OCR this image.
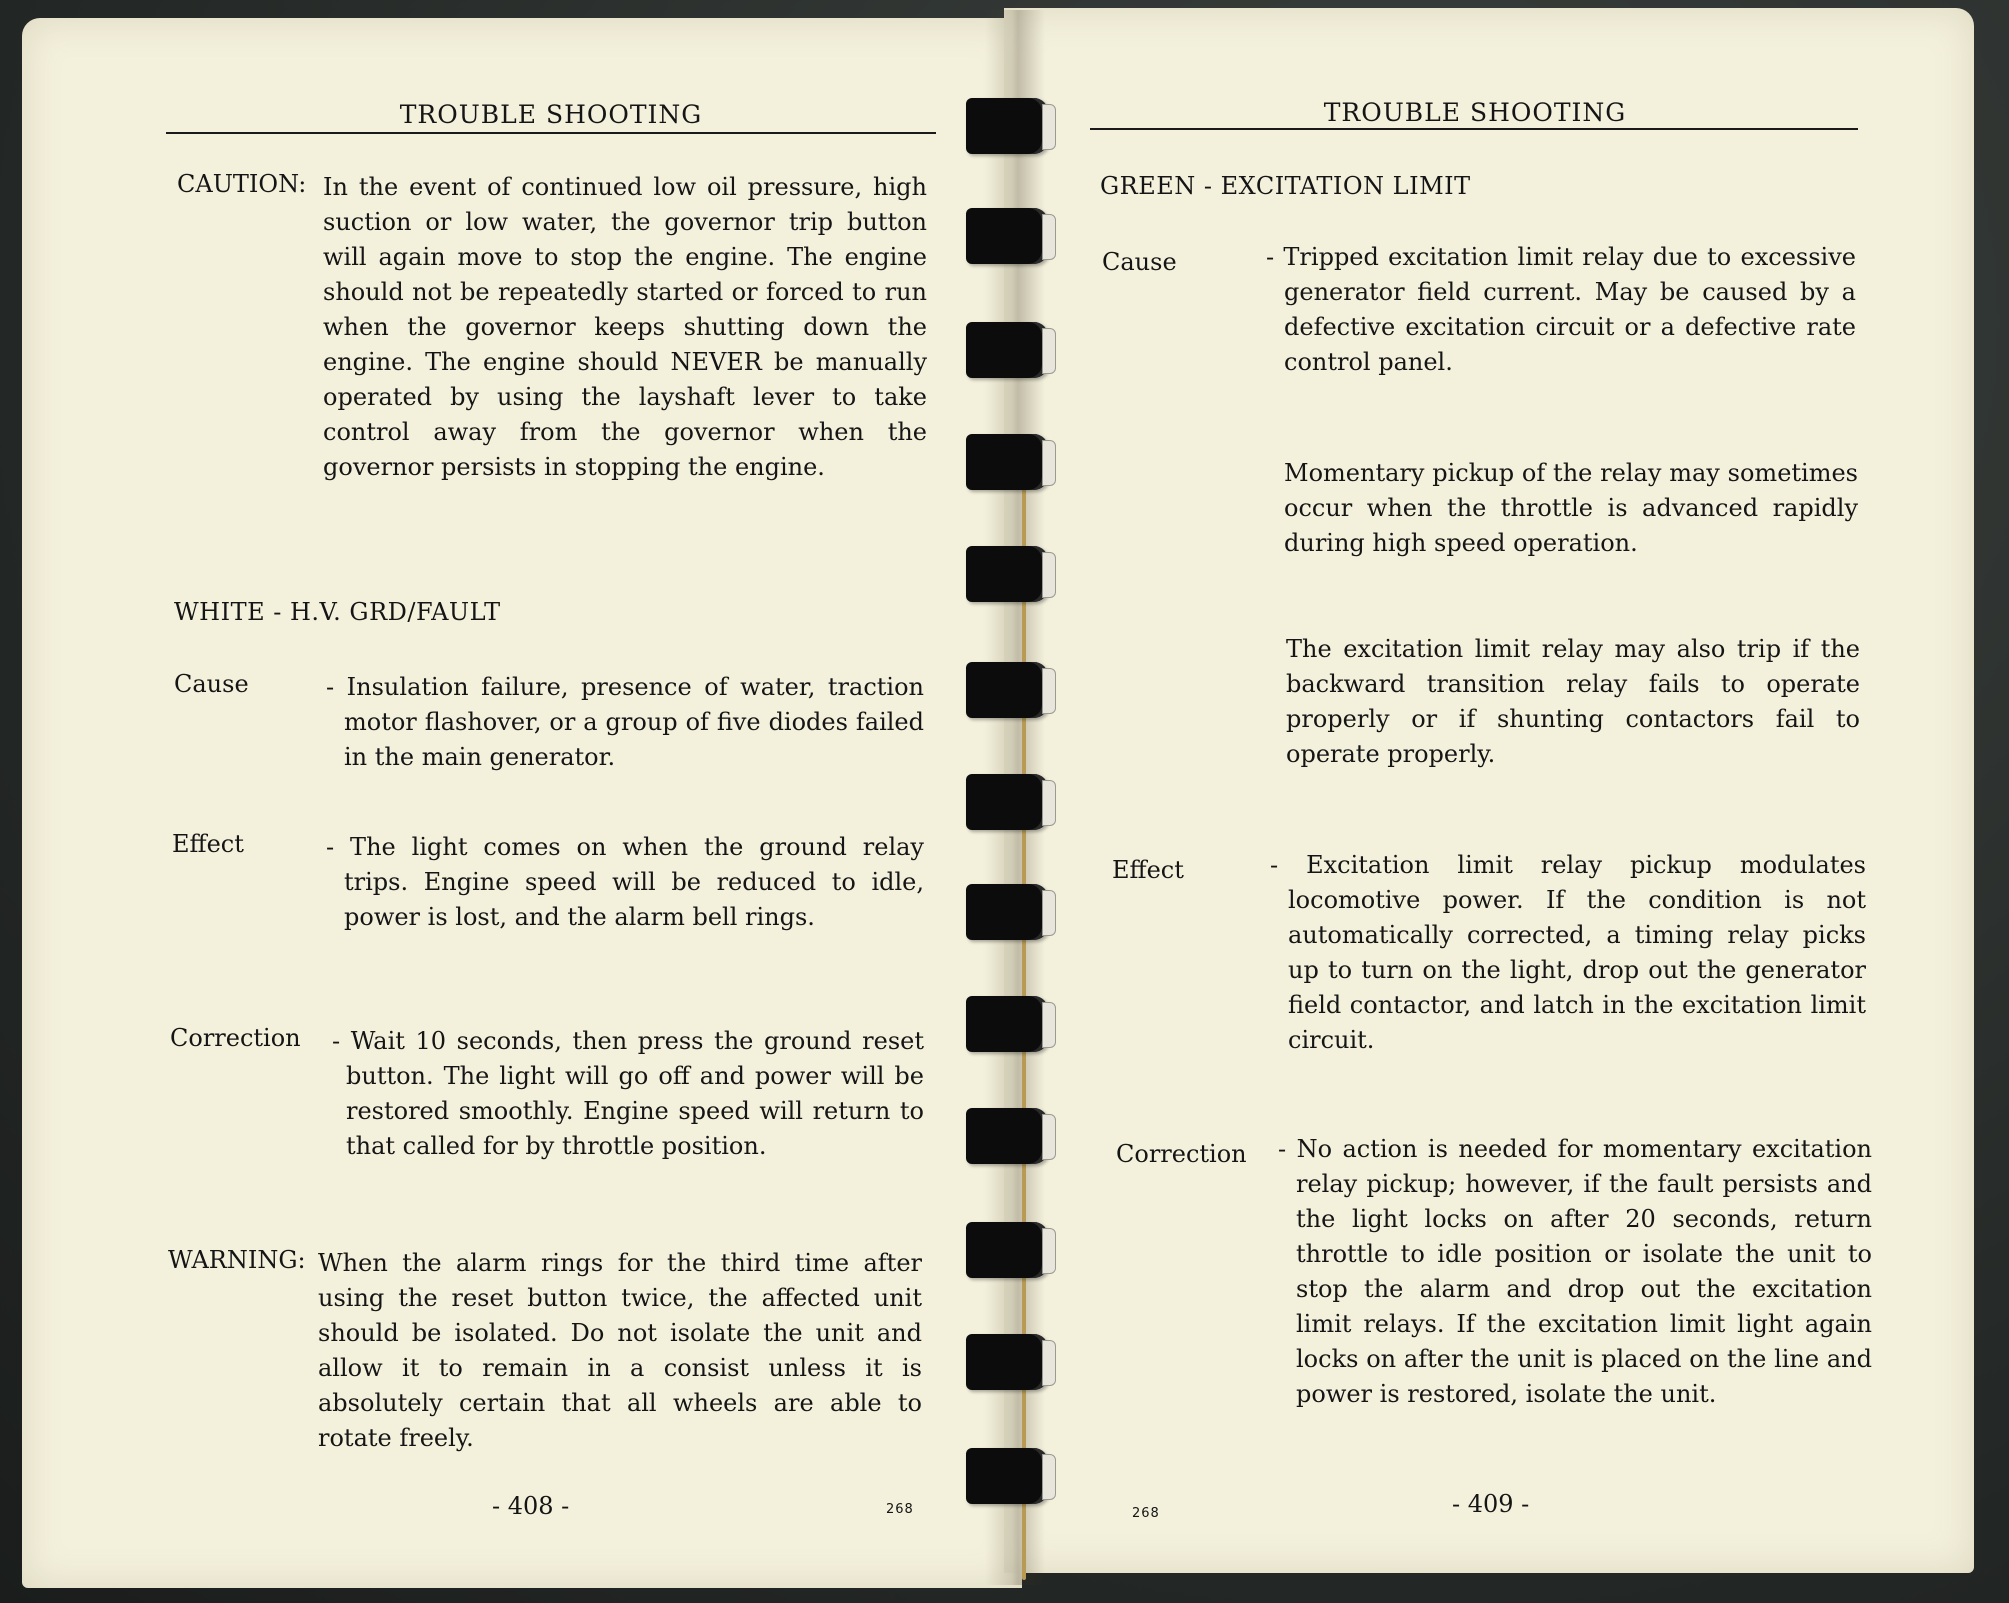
TROUBLE SHOOTING
CAUTION: In the event of continued low oil pressure, high suction or low water, the governor trip button will again move to stop the engine. The engine should not be repeatedly started or forced to run when the governor keeps shutting down the engine. The engine should NEVER be manually operated by using the layshaft lever to take control away from the governor when the governor persists in stopping the engine.
WHITE - H.V. GRD/FAULT
Cause	- Insulation failure, presence of water, traction motor flashover, or a group of five diodes failed in the main generator.
Effect	- The light comes on when the ground relay trips. Engine speed will be reduced to idle, power is lost, and the alarm bell rings.
Correction - Wait 10 seconds, then press the ground reset button. The light will go off and power will be restored smoothly. Engine speed will return to that called for by throttle position.
WARNING: When the alarm rings for the third time after using the reset button twice, the affected unit should be isolated. Do not isolate the unit and allow it to remain in a consist unless it is absolutely certain that all wheels are able to rotate freely.
- 408 -	268
TROUBLE SHOOTING
GREEN - EXCITATION LIMIT
Cause	- Tripped excitation limit relay due to excessive generator field current. May be caused by a defective excitation circuit or a defective rate control panel.
Momentary pickup of the relay may sometimes occur when the throttle is advanced rapidly during high speed operation.
The excitation limit relay may also trip if the backward transition relay fails to operate properly or if shunting contactors fail to operate properly.
Effect	- Excitation limit relay pickup modulates locomotive power. If the condition is not automatically corrected, a timing relay picks up to turn on the light, drop out the generator field contactor, and latch in the excitation limit circuit.
Correction - No action is needed for momentary excitation relay pickup; however, if the fault persists and the light locks on after 20 seconds, return throttle to idle position or isolate the unit to stop the alarm and drop out the excitation limit relays. If the excitation limit light again locks on after the unit is placed on the line and power is restored, isolate the unit.
268	- 409 -
